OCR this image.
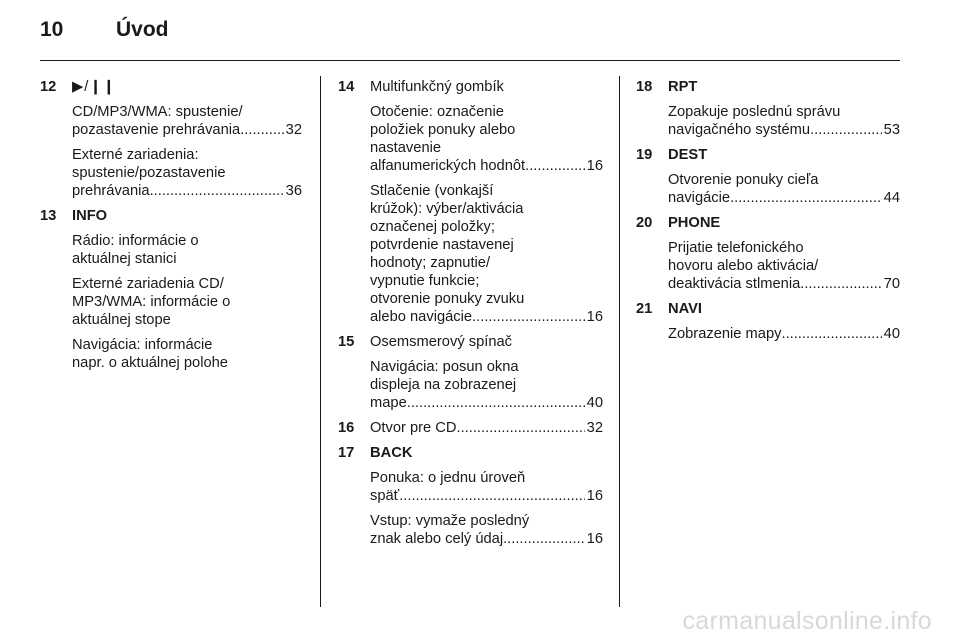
10	Úvod
12 ▶/❙❙
CD/MP3/WMA: spustenie/
pozastavenie prehrávania .....	32
Externé zariadenia:
spustenie/pozastavenie
prehrávania .....	36
13 INFO
Rádio: informácie o
aktuálnej stanici
Externé zariadenia CD/
MP3/WMA: informácie o
aktuálnej stope
Navigácia: informácie
napr. o aktuálnej polohe
14 Multifunkčný gombík
Otočenie: označenie
položiek ponuky alebo
nastavenie
alfanumerických hodnôt .....	16
Stlačenie (vonkajší
krúžok): výber/aktivácia
označenej položky;
potvrdenie nastavenej
hodnoty; zapnutie/
vypnutie funkcie;
otvorenie ponuky zvuku
alebo navigácie .....	16
15 Osemsmerový spínač
Navigácia: posun okna
displeja na zobrazenej
mape .....	40
16 Otvor pre CD .....	32
17 BACK
Ponuka: o jednu úroveň
späť .....	16
Vstup: vymaže posledný
znak alebo celý údaj .....	16
18 RPT
Zopakuje poslednú správu
navigačného systému .....	53
19 DEST
Otvorenie ponuky cieľa
navigácie .....	44
20 PHONE
Prijatie telefonického
hovoru alebo aktivácia/
deaktivácia stlmenia .....	70
21 NAVI
Zobrazenie mapy .....	40
carmanualsonline.info
